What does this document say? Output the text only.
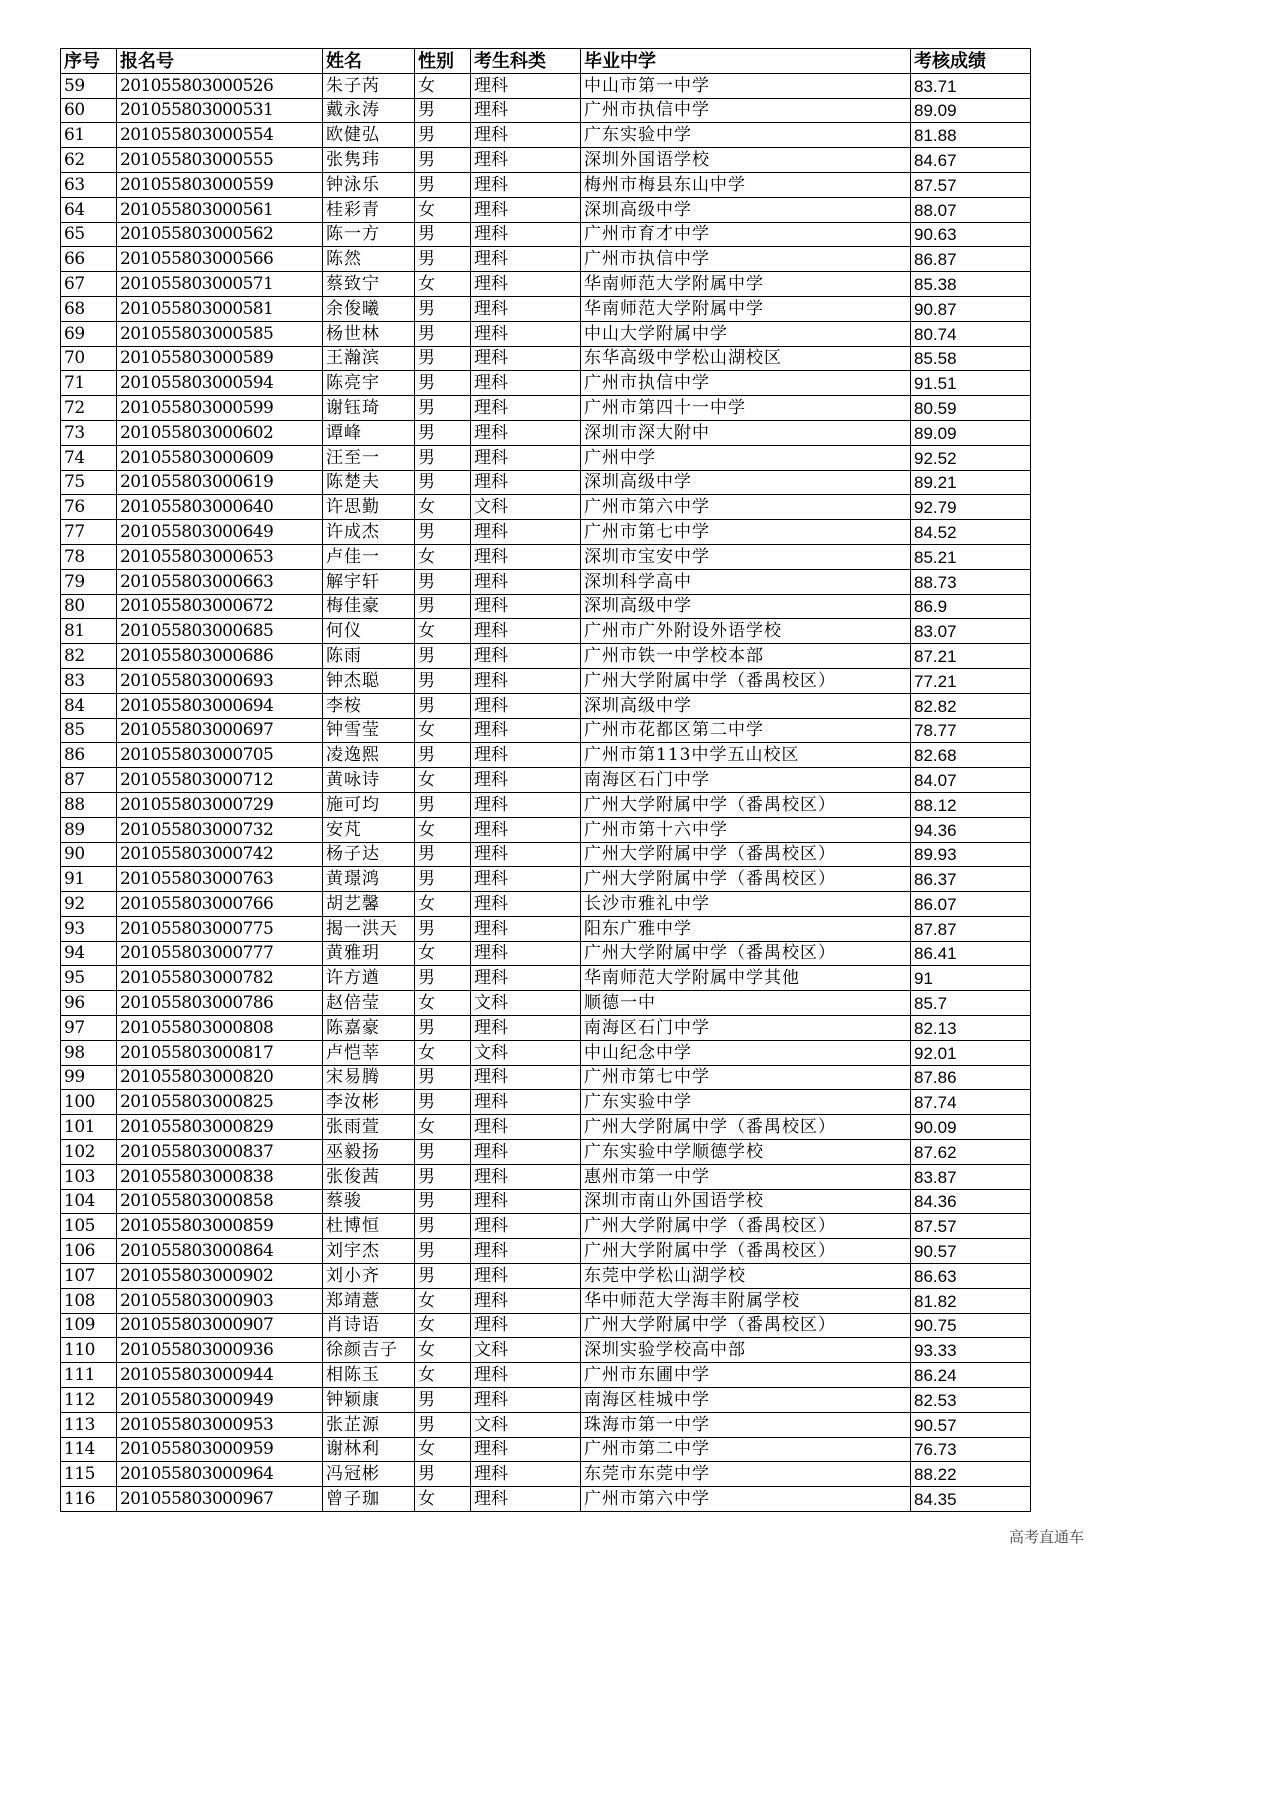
序号	报名号	姓名	性别	考生科类	毕业中学	考核成绩
59	201055803000526	朱子芮	女	理科	中山市第一中学	83.71
60	201055803000531	戴永涛	男	理科	广州市执信中学	89.09
61	201055803000554	欧健弘	男	理科	广东实验中学	81.88
62	201055803000555	张隽玮	男	理科	深圳外国语学校	84.67
63	201055803000559	钟泳乐	男	理科	梅州市梅县东山中学	87.57
64	201055803000561	桂彩青	女	理科	深圳高级中学	88.07
65	201055803000562	陈一方	男	理科	广州市育才中学	90.63
66	201055803000566	陈然	男	理科	广州市执信中学	86.87
67	201055803000571	蔡致宁	女	理科	华南师范大学附属中学	85.38
68	201055803000581	余俊曦	男	理科	华南师范大学附属中学	90.87
69	201055803000585	杨世林	男	理科	中山大学附属中学	80.74
70	201055803000589	王瀚滨	男	理科	东华高级中学松山湖校区	85.58
71	201055803000594	陈亮宇	男	理科	广州市执信中学	91.51
72	201055803000599	谢钰琦	男	理科	广州市第四十一中学	80.59
73	201055803000602	谭峰	男	理科	深圳市深大附中	89.09
74	201055803000609	汪至一	男	理科	广州中学	92.52
75	201055803000619	陈楚夫	男	理科	深圳高级中学	89.21
76	201055803000640	许思勤	女	文科	广州市第六中学	92.79
77	201055803000649	许成杰	男	理科	广州市第七中学	84.52
78	201055803000653	卢佳一	女	理科	深圳市宝安中学	85.21
79	201055803000663	解宇轩	男	理科	深圳科学高中	88.73
80	201055803000672	梅佳豪	男	理科	深圳高级中学	86.9
81	201055803000685	何仪	女	理科	广州市广外附设外语学校	83.07
82	201055803000686	陈雨	男	理科	广州市铁一中学校本部	87.21
83	201055803000693	钟杰聪	男	理科	广州大学附属中学（番禺校区）	77.21
84	201055803000694	李桉	男	理科	深圳高级中学	82.82
85	201055803000697	钟雪莹	女	理科	广州市花都区第二中学	78.77
86	201055803000705	凌逸熙	男	理科	广州市第113中学五山校区	82.68
87	201055803000712	黄咏诗	女	理科	南海区石门中学	84.07
88	201055803000729	施可均	男	理科	广州大学附属中学（番禺校区）	88.12
89	201055803000732	安芃	女	理科	广州市第十六中学	94.36
90	201055803000742	杨子达	男	理科	广州大学附属中学（番禺校区）	89.93
91	201055803000763	黄璟鸿	男	理科	广州大学附属中学（番禺校区）	86.37
92	201055803000766	胡艺馨	女	理科	长沙市雅礼中学	86.07
93	201055803000775	揭一洪天	男	理科	阳东广雅中学	87.87
94	201055803000777	黄雅玥	女	理科	广州大学附属中学（番禺校区）	86.41
95	201055803000782	许方遒	男	理科	华南师范大学附属中学其他	91
96	201055803000786	赵倍莹	女	文科	顺德一中	85.7
97	201055803000808	陈嘉豪	男	理科	南海区石门中学	82.13
98	201055803000817	卢恺莘	女	文科	中山纪念中学	92.01
99	201055803000820	宋易腾	男	理科	广州市第七中学	87.86
100	201055803000825	李汝彬	男	理科	广东实验中学	87.74
101	201055803000829	张雨萱	女	理科	广州大学附属中学（番禺校区）	90.09
102	201055803000837	巫毅扬	男	理科	广东实验中学顺德学校	87.62
103	201055803000838	张俊茜	男	理科	惠州市第一中学	83.87
104	201055803000858	蔡骏	男	理科	深圳市南山外国语学校	84.36
105	201055803000859	杜博恒	男	理科	广州大学附属中学（番禺校区）	87.57
106	201055803000864	刘宇杰	男	理科	广州大学附属中学（番禺校区）	90.57
107	201055803000902	刘小齐	男	理科	东莞中学松山湖学校	86.63
108	201055803000903	郑靖薏	女	理科	华中师范大学海丰附属学校	81.82
109	201055803000907	肖诗语	女	理科	广州大学附属中学（番禺校区）	90.75
110	201055803000936	徐颜吉子	女	文科	深圳实验学校高中部	93.33
111	201055803000944	相陈玉	女	理科	广州市东圃中学	86.24
112	201055803000949	钟颖康	男	理科	南海区桂城中学	82.53
113	201055803000953	张芷源	男	文科	珠海市第一中学	90.57
114	201055803000959	谢林利	女	理科	广州市第二中学	76.73
115	201055803000964	冯冠彬	男	理科	东莞市东莞中学	88.22
116	201055803000967	曾子珈	女	理科	广州市第六中学	84.35
高考直通车
